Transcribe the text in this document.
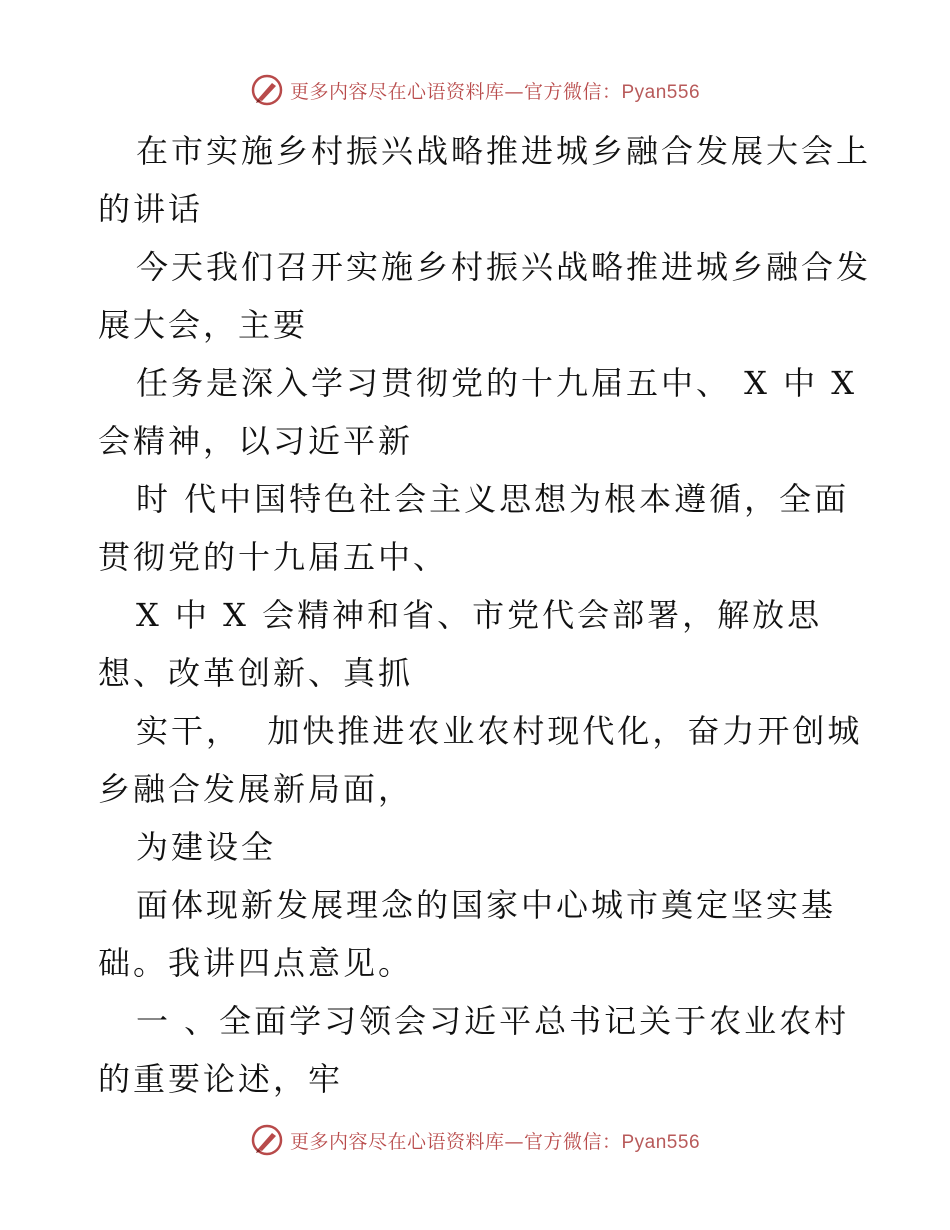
更多内容尽在心语资料库—官方微信：Pyan556
在市实施乡村振兴战略推进城乡融合发展大会上
的讲话
今天我们召开实施乡村振兴战略推进城乡融合发
展大会，主要
任务是深入学习贯彻党的十九届五中、 X 中 X
会精神，以习近平新
时 代中国特色社会主义思想为根本遵循，全面
贯彻党的十九届五中、
X 中 X 会精神和省、市党代会部署，解放思
想、改革创新、真抓
实干，  加快推进农业农村现代化，奋力开创城
乡融合发展新局面，
为建设全
面体现新发展理念的国家中心城市奠定坚实基
础。我讲四点意见。
一 、全面学习领会习近平总书记关于农业农村
的重要论述，牢
更多内容尽在心语资料库—官方微信：Pyan556
